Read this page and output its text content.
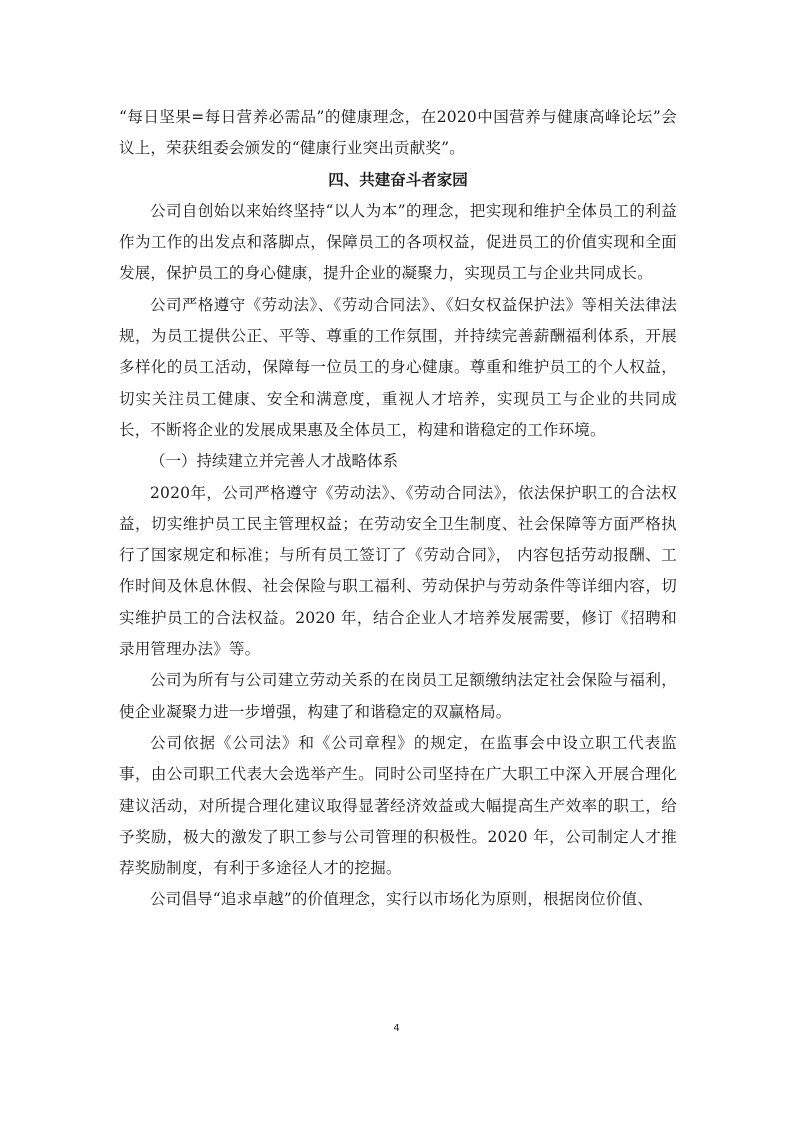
“每日坚果=每日营养必需品”的健康理念，在2020中国营养与健康高峰论坛”会议上，荣获组委会颁发的“健康行业突出贡献奖”。

四、共建奋斗者家园

公司自创始以来始终坚持“以人为本”的理念，把实现和维护全体员工的利益作为工作的出发点和落脚点，保障员工的各项权益，促进员工的价值实现和全面发展，保护员工的身心健康，提升企业的凝聚力，实现员工与企业共同成长。

公司严格遵守《劳动法》、《劳动合同法》、《妇女权益保护法》等相关法律法规，为员工提供公正、平等、尊重的工作氛围，并持续完善薪酬福利体系，开展多样化的员工活动，保障每一位员工的身心健康。尊重和维护员工的个人权益，切实关注员工健康、安全和满意度，重视人才培养，实现员工与企业的共同成长，不断将企业的发展成果惠及全体员工，构建和谐稳定的工作环境。

（一）持续建立并完善人才战略体系

2020年，公司严格遵守《劳动法》、《劳动合同法》，依法保护职工的合法权益，切实维护员工民主管理权益；在劳动安全卫生制度、社会保障等方面严格执行了国家规定和标准；与所有员工签订了《劳动合同》， 内容包括劳动报酬、工作时间及休息休假、社会保险与职工福利、劳动保护与劳动条件等详细内容，切实维护员工的合法权益。2020 年，结合企业人才培养发展需要，修订《招聘和录用管理办法》等。

公司为所有与公司建立劳动关系的在岗员工足额缴纳法定社会保险与福利，使企业凝聚力进一步增强，构建了和谐稳定的双赢格局。

公司依据《公司法》和《公司章程》的规定，在监事会中设立职工代表监事，由公司职工代表大会选举产生。同时公司坚持在广大职工中深入开展合理化建议活动，对所提合理化建议取得显著经济效益或大幅提高生产效率的职工，给予奖励，极大的激发了职工参与公司管理的积极性。2020 年，公司制定人才推荐奖励制度，有利于多途径人才的挖掘。

公司倡导“追求卓越”的价值理念，实行以市场化为原则，根据岗位价值、

4
